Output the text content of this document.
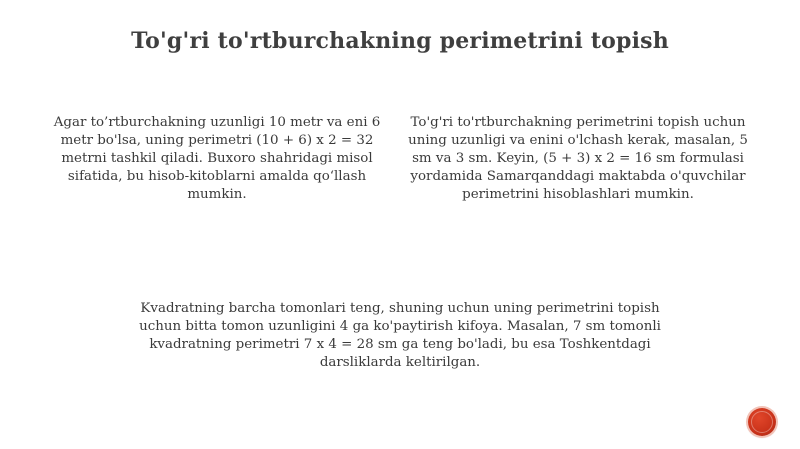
To'g'ri to'rtburchakning perimetrini topish
Agar to’rtburchakning uzunligi 10 metr va eni 6 metr bo'lsa, uning perimetri (10 + 6) x 2 = 32 metrni tashkil qiladi. Buxoro shahridagi misol sifatida, bu hisob-kitoblarni amalda qo‘llash mumkin.
To'g'ri to'rtburchakning perimetrini topish uchun uning uzunligi va enini o'lchash kerak, masalan, 5 sm va 3 sm. Keyin, (5 + 3) x 2 = 16 sm formulasi yordamida Samarqanddagi maktabda o'quvchilar perimetrini hisoblashlari mumkin.
Kvadratning barcha tomonlari teng, shuning uchun uning perimetrini topish uchun bitta tomon uzunligini 4 ga ko'paytirish kifoya. Masalan, 7 sm tomonli kvadratning perimetri 7 x 4 = 28 sm ga teng bo'ladi, bu esa Toshkentdagi darsliklarda keltirilgan.
